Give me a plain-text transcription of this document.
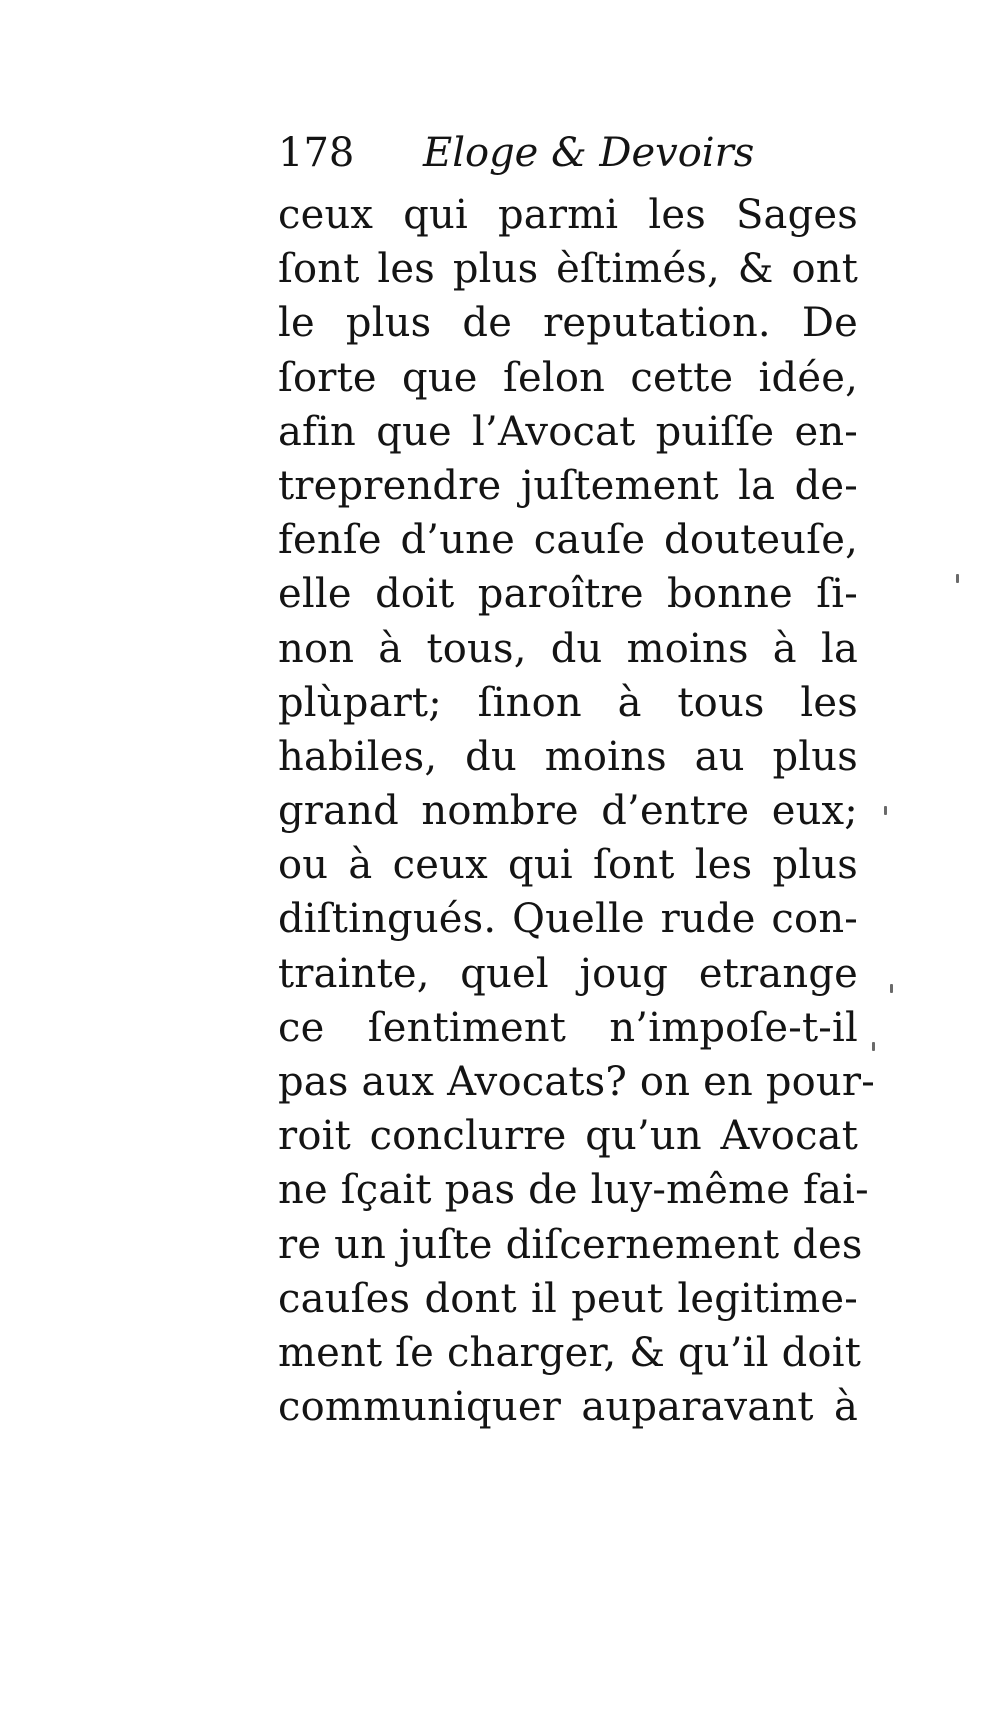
178 Eloge & Devoirs
ceux qui parmi les Sages
ſont les plus èſtimés, & ont
le plus de reputation. De
ſorte que ſelon cette idée,
afin que l’Avocat puiſſe en-
treprendre juſtement la de-
fenſe d’une cauſe douteuſe,
elle doit paroître bonne ſi-
non à tous, du moins à la
plùpart; ſinon à tous les
habiles, du moins au plus
grand nombre d’entre eux;
ou à ceux qui ſont les plus
diſtingués. Quelle rude con-
trainte, quel joug etrange
ce ſentiment n’impoſe-t-il
pas aux Avocats? on en pour-
roit conclurre qu’un Avocat
ne ſçait pas de luy-même fai-
re un juſte diſcernement des
cauſes dont il peut legitime-
ment ſe charger, & qu’il doit
communiquer auparavant à
